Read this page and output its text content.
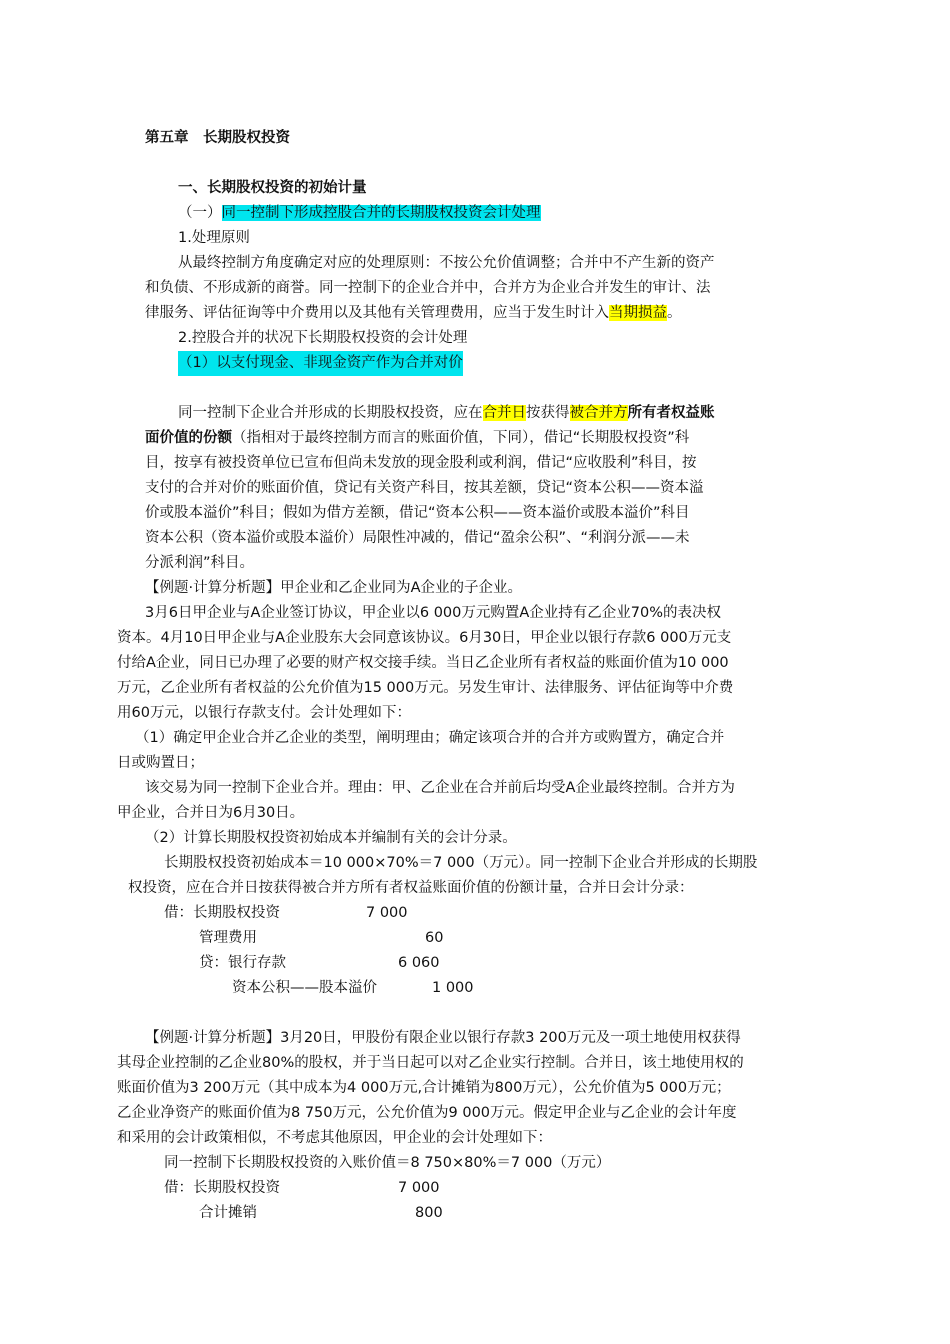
第五章　长期股权投资
一、长期股权投资的初始计量
（一）同一控制下形成控股合并的长期股权投资会计处理
1.处理原则
从最终控制方角度确定对应的处理原则：不按公允价值调整；合并中不产生新的资产
和负债、不形成新的商誉。同一控制下的企业合并中，合并方为企业合并发生的审计、法
律服务、评估征询等中介费用以及其他有关管理费用，应当于发生时计入当期损益。
2.控股合并的状况下长期股权投资的会计处理
（1）以支付现金、非现金资产作为合并对价
同一控制下企业合并形成的长期股权投资，应在合并日按获得被合并方所有者权益账
面价值的份额（指相对于最终控制方而言的账面价值，下同），借记“长期股权投资”科
目，按享有被投资单位已宣布但尚未发放的现金股利或利润，借记“应收股利”科目，按
支付的合并对价的账面价值，贷记有关资产科目，按其差额，贷记“资本公积——资本溢
价或股本溢价”科目；假如为借方差额，借记“资本公积——资本溢价或股本溢价”科目
资本公积（资本溢价或股本溢价）局限性冲减的，借记“盈余公积”、“利润分派——未
分派利润”科目。
【例题·计算分析题】甲企业和乙企业同为A企业的子企业。
3月6日甲企业与A企业签订协议，甲企业以6 000万元购置A企业持有乙企业70%的表决权
资本。4月10日甲企业与A企业股东大会同意该协议。6月30日，甲企业以银行存款6 000万元支
付给A企业，同日已办理了必要的财产权交接手续。当日乙企业所有者权益的账面价值为10 000
万元，乙企业所有者权益的公允价值为15 000万元。另发生审计、法律服务、评估征询等中介费
用60万元，以银行存款支付。会计处理如下：
（1）确定甲企业合并乙企业的类型，阐明理由；确定该项合并的合并方或购置方，确定合并
日或购置日；
该交易为同一控制下企业合并。理由：甲、乙企业在合并前后均受A企业最终控制。合并方为
甲企业，合并日为6月30日。
（2）计算长期股权投资初始成本并编制有关的会计分录。
长期股权投资初始成本＝10 000×70%＝7 000（万元）。同一控制下企业合并形成的长期股
权投资，应在合并日按获得被合并方所有者权益账面价值的份额计量，合并日会计分录：
借：长期股权投资	7 000
管理费用	60
贷：银行存款	6 060
资本公积——股本溢价	1 000
【例题·计算分析题】3月20日，甲股份有限企业以银行存款3 200万元及一项土地使用权获得
其母企业控制的乙企业80%的股权，并于当日起可以对乙企业实行控制。合并日，该土地使用权的
账面价值为3 200万元（其中成本为4 000万元,合计摊销为800万元），公允价值为5 000万元；
乙企业净资产的账面价值为8 750万元，公允价值为9 000万元。假定甲企业与乙企业的会计年度
和采用的会计政策相似，不考虑其他原因，甲企业的会计处理如下：
同一控制下长期股权投资的入账价值＝8 750×80%＝7 000（万元）
借：长期股权投资	7 000
合计摊销	800
